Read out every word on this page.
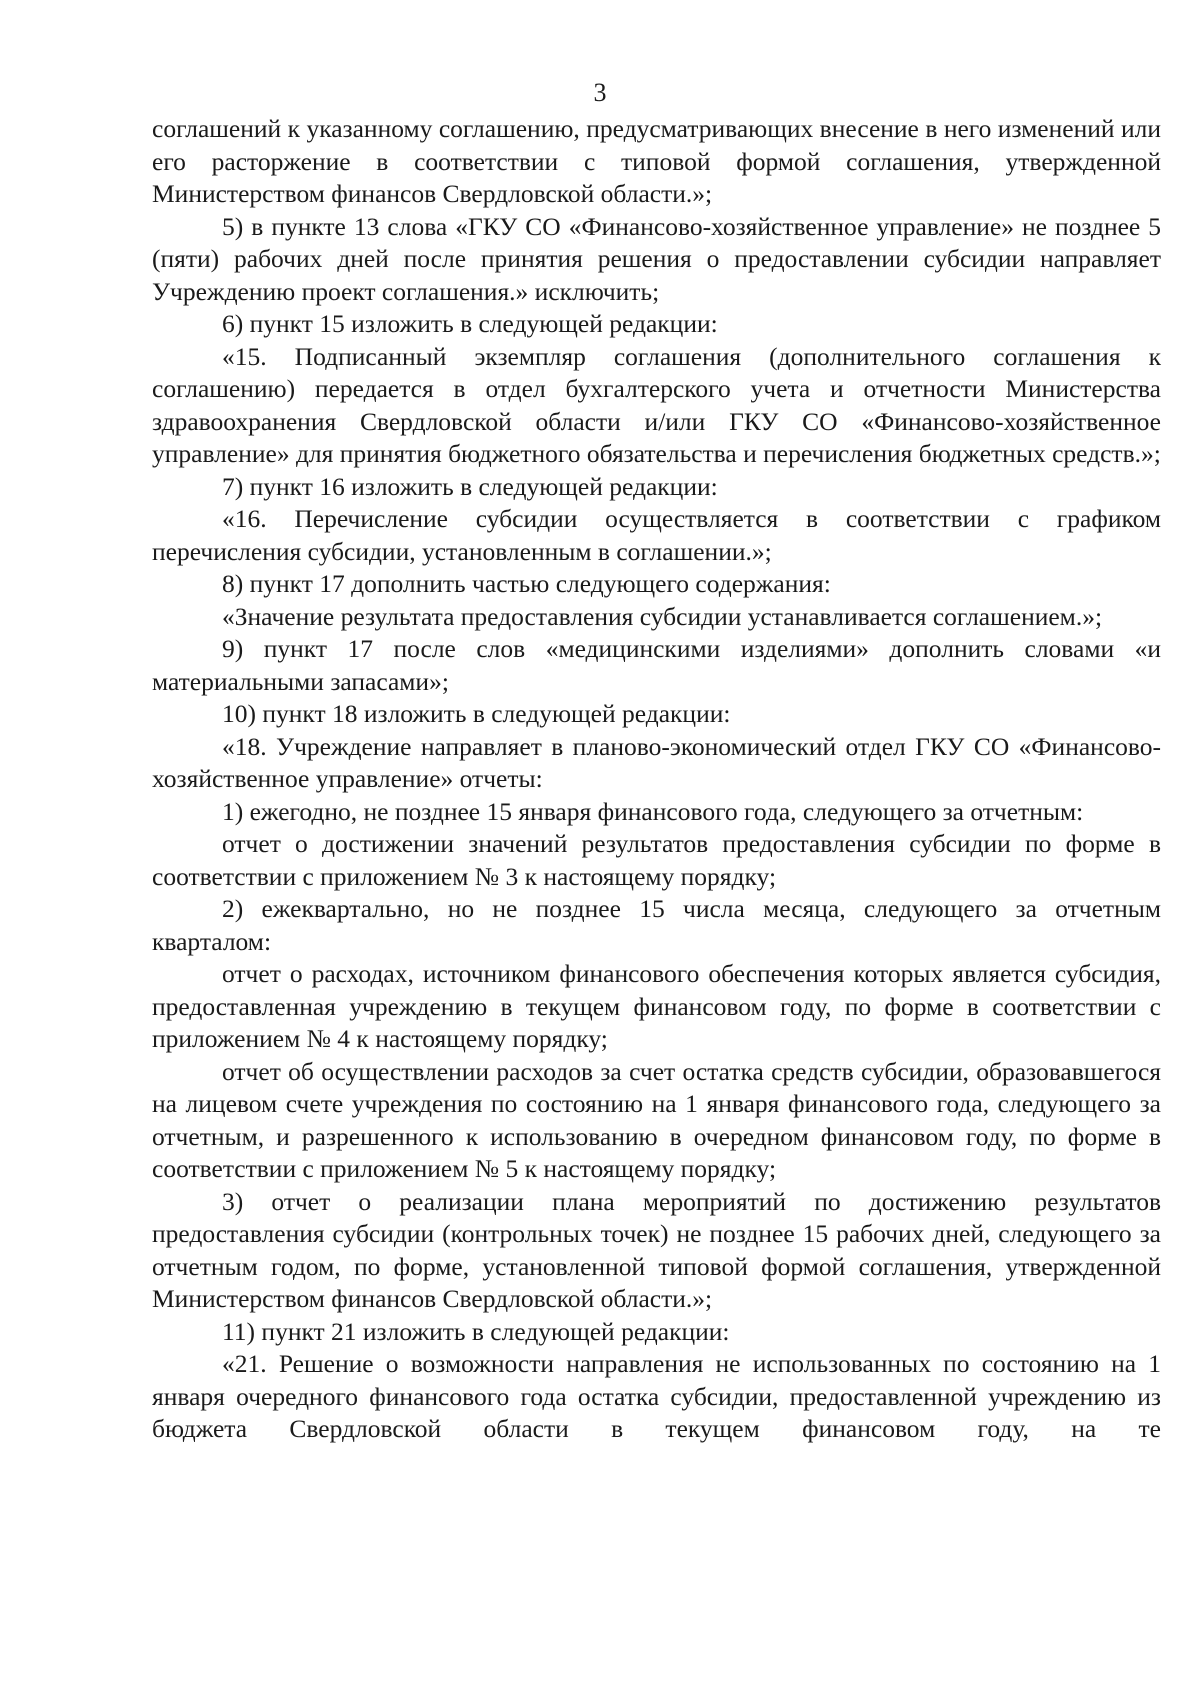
3

соглашений к указанному соглашению, предусматривающих внесение в него изменений или его расторжение в соответствии с типовой формой соглашения, утвержденной Министерством финансов Свердловской области.»;

5) в пункте 13 слова «ГКУ СО «Финансово-хозяйственное управление» не позднее 5 (пяти) рабочих дней после принятия решения о предоставлении субсидии направляет Учреждению проект соглашения.» исключить;

6) пункт 15 изложить в следующей редакции:

«15. Подписанный экземпляр соглашения (дополнительного соглашения к соглашению) передается в отдел бухгалтерского учета и отчетности Министерства здравоохранения Свердловской области и/или ГКУ СО «Финансово-хозяйственное управление» для принятия бюджетного обязательства и перечисления бюджетных средств.»;

7) пункт 16 изложить в следующей редакции:

«16. Перечисление субсидии осуществляется в соответствии с графиком перечисления субсидии, установленным в соглашении.»;

8) пункт 17 дополнить частью следующего содержания:

«Значение результата предоставления субсидии устанавливается соглашением.»;

9) пункт 17 после слов «медицинскими изделиями» дополнить словами «и материальными запасами»;

10) пункт 18 изложить в следующей редакции:

«18. Учреждение направляет в планово-экономический отдел ГКУ СО «Финансово-хозяйственное управление» отчеты:

1) ежегодно, не позднее 15 января финансового года, следующего за отчетным:

отчет о достижении значений результатов предоставления субсидии по форме в соответствии с приложением № 3 к настоящему порядку;

2) ежеквартально, но не позднее 15 числа месяца, следующего за отчетным кварталом:

отчет о расходах, источником финансового обеспечения которых является субсидия, предоставленная учреждению в текущем финансовом году, по форме в соответствии с приложением № 4 к настоящему порядку;

отчет об осуществлении расходов за счет остатка средств субсидии, образовавшегося на лицевом счете учреждения по состоянию на 1 января финансового года, следующего за отчетным, и разрешенного к использованию в очередном финансовом году, по форме в соответствии с приложением № 5 к настоящему порядку;

3) отчет о реализации плана мероприятий по достижению результатов предоставления субсидии (контрольных точек) не позднее 15 рабочих дней, следующего за отчетным годом, по форме, установленной типовой формой соглашения, утвержденной Министерством финансов Свердловской области.»;

11) пункт 21 изложить в следующей редакции:

«21. Решение о возможности направления не использованных по состоянию на 1 января очередного финансового года остатка субсидии, предоставленной учреждению из бюджета Свердловской области в текущем финансовом году, на те
